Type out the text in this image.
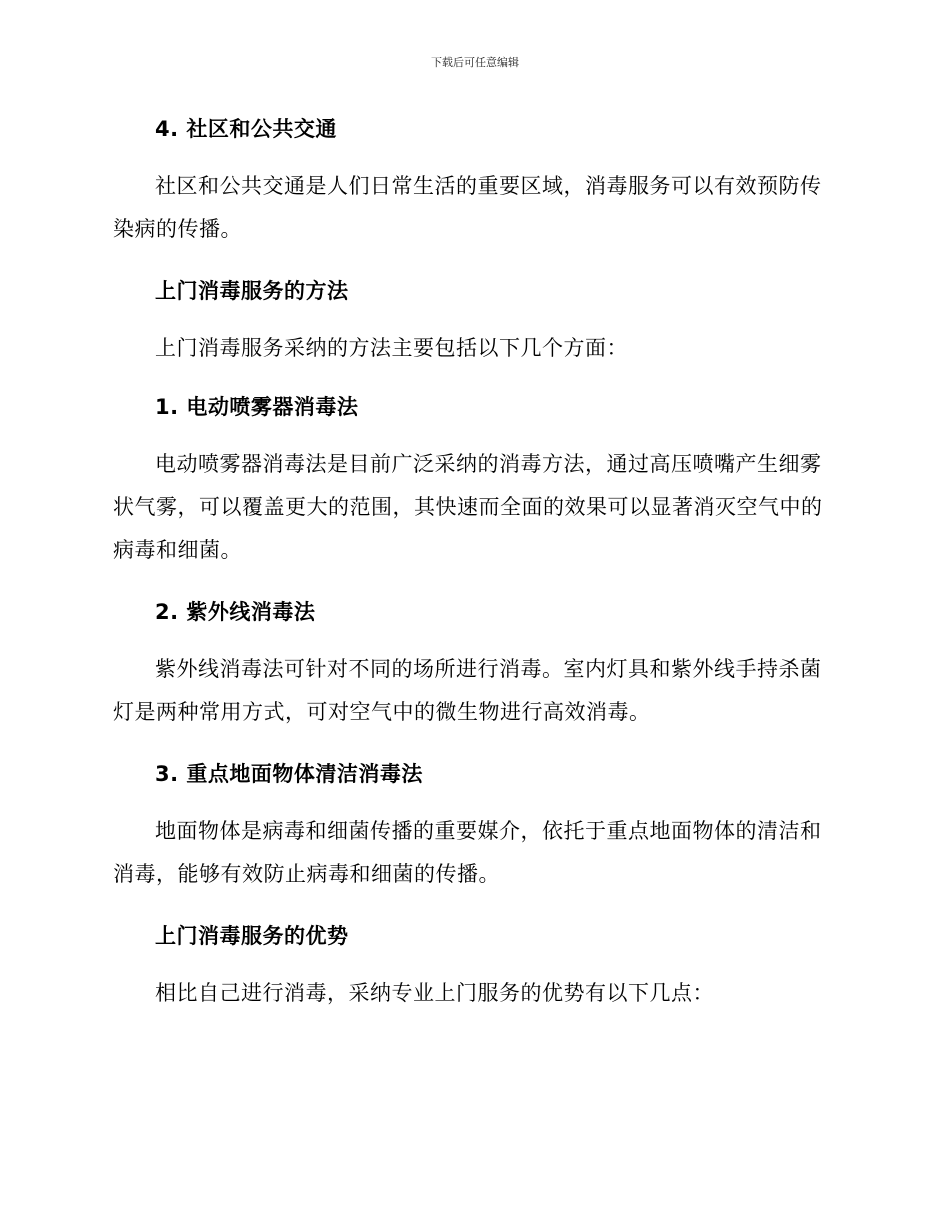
下载后可任意编辑
4. 社区和公共交通

社区和公共交通是人们日常生活的重要区域，消毒服务可以有效预防传染病的传播。

上门消毒服务的方法

上门消毒服务采纳的方法主要包括以下几个方面：

1. 电动喷雾器消毒法

电动喷雾器消毒法是目前广泛采纳的消毒方法，通过高压喷嘴产生细雾状气雾，可以覆盖更大的范围，其快速而全面的效果可以显著消灭空气中的病毒和细菌。

2. 紫外线消毒法

紫外线消毒法可针对不同的场所进行消毒。室内灯具和紫外线手持杀菌灯是两种常用方式，可对空气中的微生物进行高效消毒。

3. 重点地面物体清洁消毒法

地面物体是病毒和细菌传播的重要媒介，依托于重点地面物体的清洁和消毒，能够有效防止病毒和细菌的传播。

上门消毒服务的优势

相比自己进行消毒，采纳专业上门服务的优势有以下几点：
